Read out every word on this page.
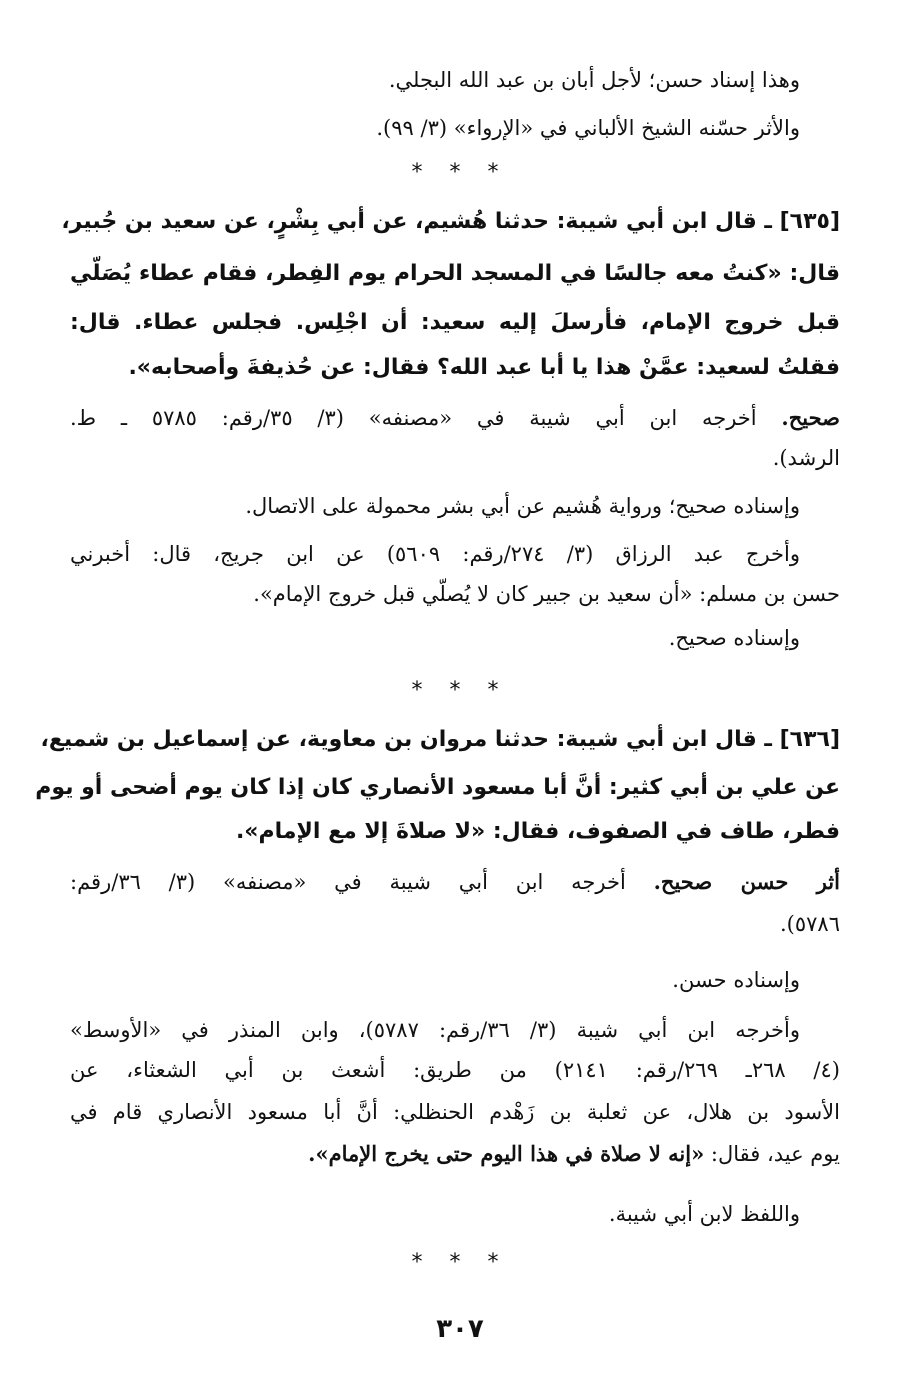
وهذا إسناد حسن؛ لأجل أبان بن عبد الله البجلي.
والأثر حسّنه الشيخ الألباني في «الإرواء» (٣/ ٩٩).
* * *
[٦٣٥] ـ قال ابن أبي شيبة: حدثنا هُشيم، عن أبي بِشْرٍ، عن سعيد بن جُبير،
قال: «كنتُ معه جالسًا في المسجد الحرام يوم الفِطر، فقام عطاء يُصَلّي
قبل خروج الإمام، فأرسلَ إليه سعيد: أن اجْلِس. فجلس عطاء. قال:
فقلتُ لسعيد: عمَّنْ هذا يا أبا عبد الله؟ فقال: عن حُذيفةَ وأصحابه».
صحيح. أخرجه ابن أبي شيبة في «مصنفه» (٣/ ٣٥/رقم: ٥٧٨٥ ـ ط.
الرشد).
وإسناده صحيح؛ ورواية هُشيم عن أبي بشر محمولة على الاتصال.
وأخرج عبد الرزاق (٣/ ٢٧٤/رقم: ٥٦٠٩) عن ابن جريج، قال: أخبرني
حسن بن مسلم: «أن سعيد بن جبير كان لا يُصلّي قبل خروج الإمام».
وإسناده صحيح.
* * *
[٦٣٦] ـ قال ابن أبي شيبة: حدثنا مروان بن معاوية، عن إسماعيل بن شميع،
عن علي بن أبي كثير: أنَّ أبا مسعود الأنصاري كان إذا كان يوم أضحى أو يوم
فطر، طاف في الصفوف، فقال: «لا صلاةَ إلا مع الإمام».
أثر حسن صحيح. أخرجه ابن أبي شيبة في «مصنفه» (٣/ ٣٦/رقم:
٥٧٨٦).
وإسناده حسن.
وأخرجه ابن أبي شيبة (٣/ ٣٦/رقم: ٥٧٨٧)، وابن المنذر في «الأوسط»
(٤/ ٢٦٨ـ ٢٦٩/رقم: ٢١٤١) من طريق: أشعث بن أبي الشعثاء، عن
الأسود بن هلال، عن ثعلبة بن زَهْدم الحنظلي: أنَّ أبا مسعود الأنصاري قام في
يوم عيد، فقال: «إنه لا صلاة في هذا اليوم حتى يخرج الإمام».
واللفظ لابن أبي شيبة.
* * *
٣٠٧
